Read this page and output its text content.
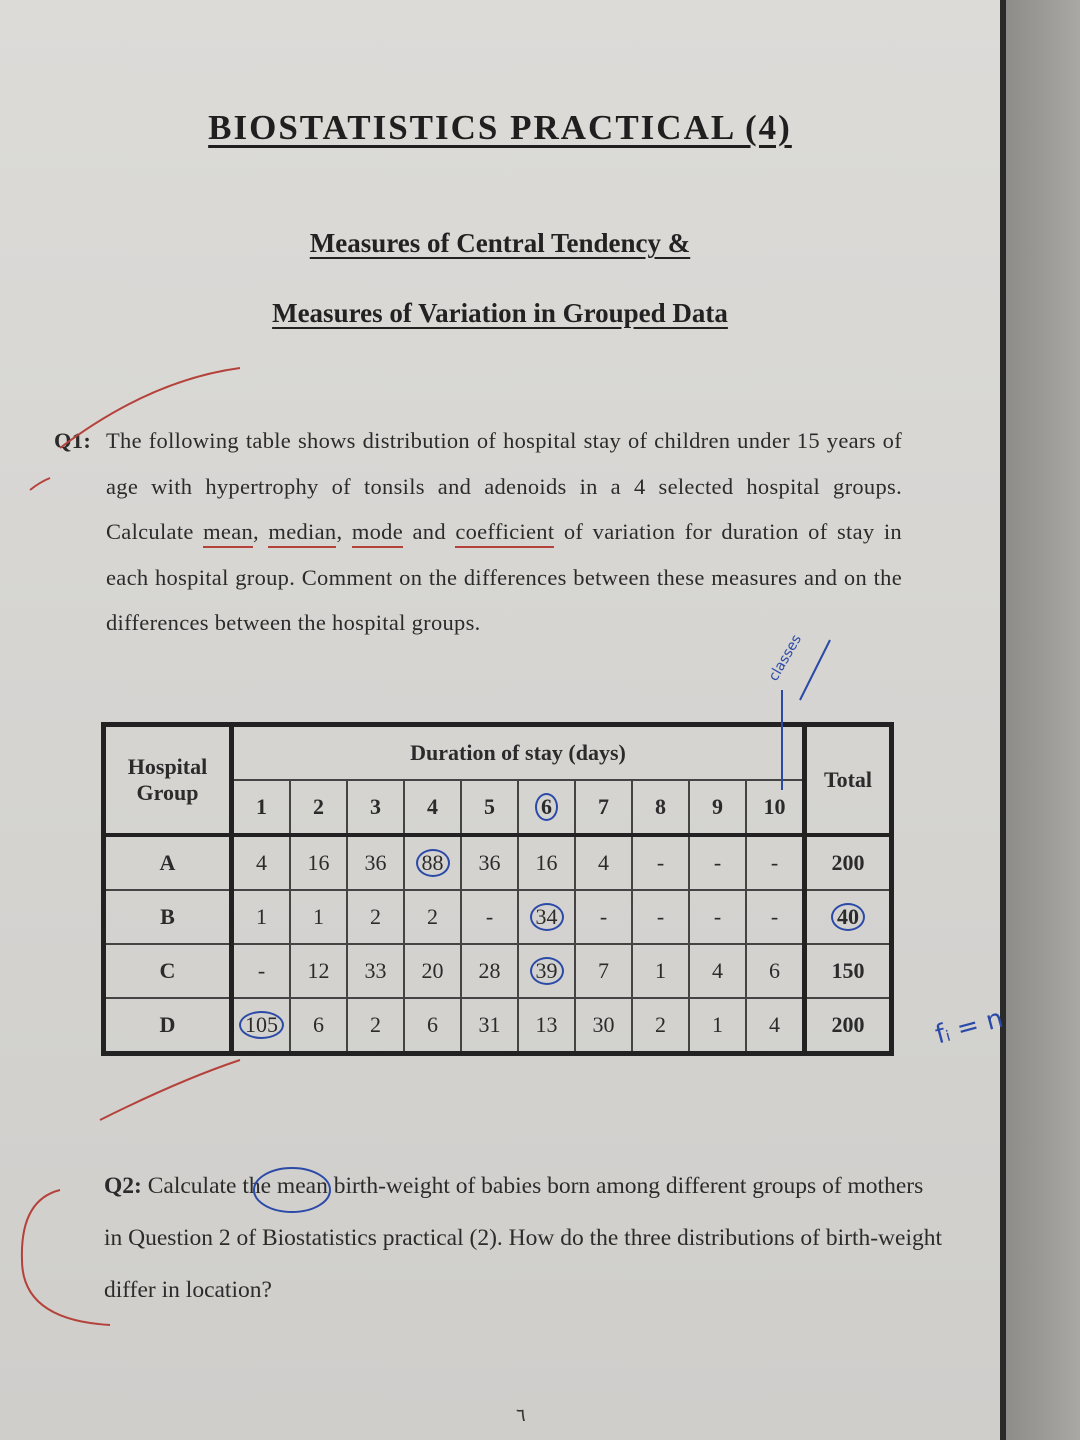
BIOSTATISTICS PRACTICAL (4)
Measures of Central Tendency &
Measures of Variation in Grouped Data
Q1: The following table shows distribution of hospital stay of children under 15 years of age with hypertrophy of tonsils and adenoids in a 4 selected hospital groups. Calculate mean, median, mode and coefficient of variation for duration of stay in each hospital group. Comment on the differences between these measures and on the differences between the hospital groups.
Hospital Group	Duration of stay (days)										Total
	1	2	3	4	5	6	7	8	9	10	
A	4	16	36	88	36	16	4	-	-	-	200
B	1	1	2	2	-	34	-	-	-	-	40
C	-	12	33	20	28	39	7	1	4	6	150
D	105	6	2	6	31	13	30	2	1	4	200
Q2: Calculate the mean birth-weight of babies born among different groups of mothers in Question 2 of Biostatistics practical (2). How do the three distributions of birth-weight differ in location?
٦
fᵢ = n
classes
